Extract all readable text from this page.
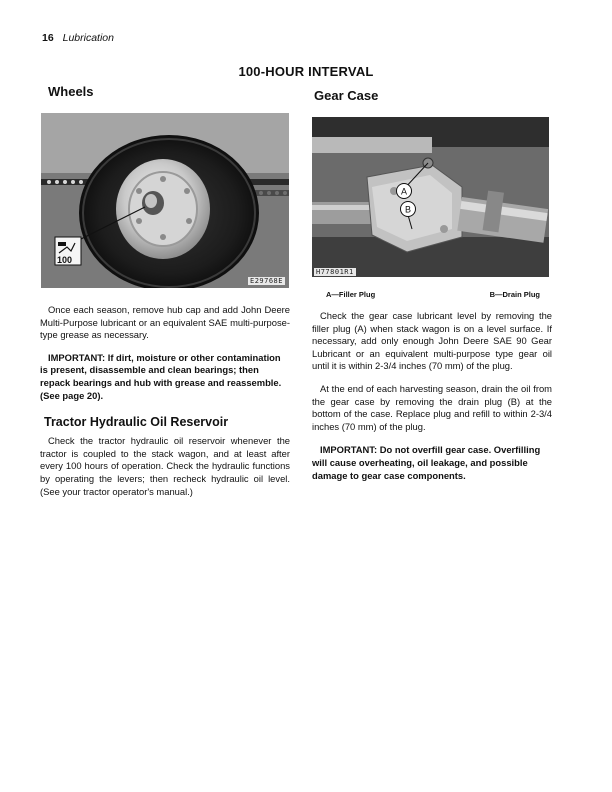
16 Lubrication
100-HOUR INTERVAL
Wheels
100
E29768E

Once each season, remove hub cap and add John Deere Multi-Purpose lubricant or an equivalent SAE multi-purpose-type grease as necessary.

IMPORTANT: If dirt, moisture or other contamination is present, disassemble and clean bearings; then repack bearings and hub with grease and reassemble. (See page 20).

Tractor Hydraulic Oil Reservoir

Check the tractor hydraulic oil reservoir whenever the tractor is coupled to the stack wagon, and at least after every 100 hours of operation. Check the hydraulic functions by operating the levers; then recheck hydraulic oil level. (See your tractor operator's manual.)

Gear Case
A
B
H77801R1
A—Filler Plug	B—Drain Plug

Check the gear case lubricant level by removing the filler plug (A) when stack wagon is on a level surface. If necessary, add only enough John Deere SAE 90 Gear Lubricant or an equivalent multi-purpose type gear oil until it is within 2-3/4 inches (70 mm) of the plug.

At the end of each harvesting season, drain the oil from the gear case by removing the drain plug (B) at the bottom of the case. Replace plug and refill to within 2-3/4 inches (70 mm) of the plug.

IMPORTANT: Do not overfill gear case. Overfilling will cause overheating, oil leakage, and possible damage to gear case components.
